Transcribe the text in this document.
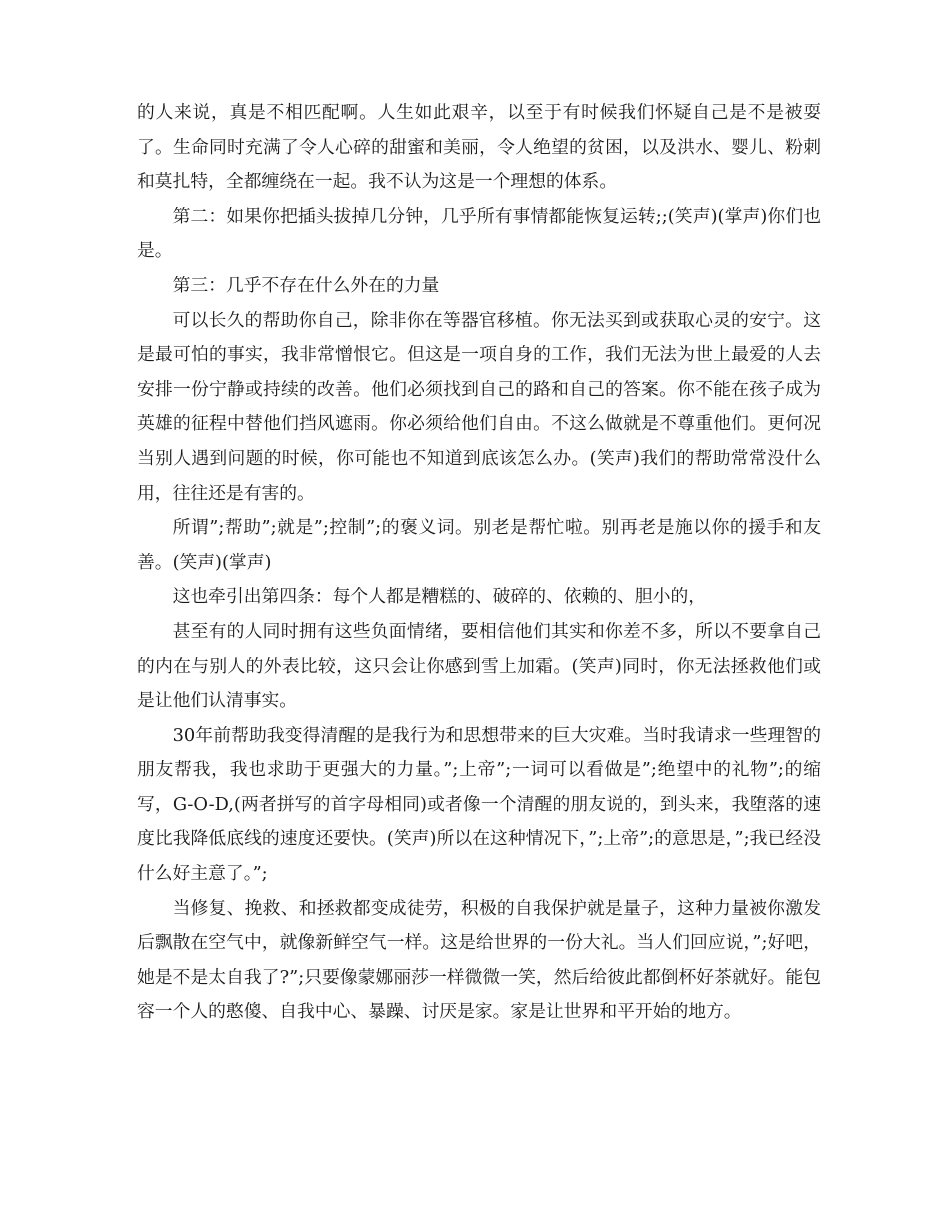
的人来说，真是不相匹配啊。人生如此艰辛，以至于有时候我们怀疑自己是不是被耍了。生命同时充满了令人心碎的甜蜜和美丽，令人绝望的贫困，以及洪水、婴儿、粉刺和莫扎特，全都缠绕在一起。我不认为这是一个理想的体系。

第二：如果你把插头拔掉几分钟，几乎所有事情都能恢复运转;;(笑声)(掌声)你们也是。

第三：几乎不存在什么外在的力量

可以长久的帮助你自己，除非你在等器官移植。你无法买到或获取心灵的安宁。这是最可怕的事实，我非常憎恨它。但这是一项自身的工作，我们无法为世上最爱的人去安排一份宁静或持续的改善。他们必须找到自己的路和自己的答案。你不能在孩子成为英雄的征程中替他们挡风遮雨。你必须给他们自由。不这么做就是不尊重他们。更何况当别人遇到问题的时候，你可能也不知道到底该怎么办。(笑声)我们的帮助常常没什么用，往往还是有害的。

所谓”;帮助”;就是”;控制”;的褒义词。别老是帮忙啦。别再老是施以你的援手和友善。(笑声)(掌声)

这也牵引出第四条：每个人都是糟糕的、破碎的、依赖的、胆小的，

甚至有的人同时拥有这些负面情绪，要相信他们其实和你差不多，所以不要拿自己的内在与别人的外表比较，这只会让你感到雪上加霜。(笑声)同时，你无法拯救他们或是让他们认清事实。

30年前帮助我变得清醒的是我行为和思想带来的巨大灾难。当时我请求一些理智的朋友帮我，我也求助于更强大的力量。”;上帝”;一词可以看做是”;绝望中的礼物”;的缩写，G-O-D,(两者拼写的首字母相同)或者像一个清醒的朋友说的，到头来，我堕落的速度比我降低底线的速度还要快。(笑声)所以在这种情况下，”;上帝”;的意思是，”;我已经没什么好主意了。”;

当修复、挽救、和拯救都变成徒劳，积极的自我保护就是量子，这种力量被你激发后飘散在空气中，就像新鲜空气一样。这是给世界的一份大礼。当人们回应说，”;好吧，她是不是太自我了?”;只要像蒙娜丽莎一样微微一笑，然后给彼此都倒杯好茶就好。能包容一个人的憨傻、自我中心、暴躁、讨厌是家。家是让世界和平开始的地方。
